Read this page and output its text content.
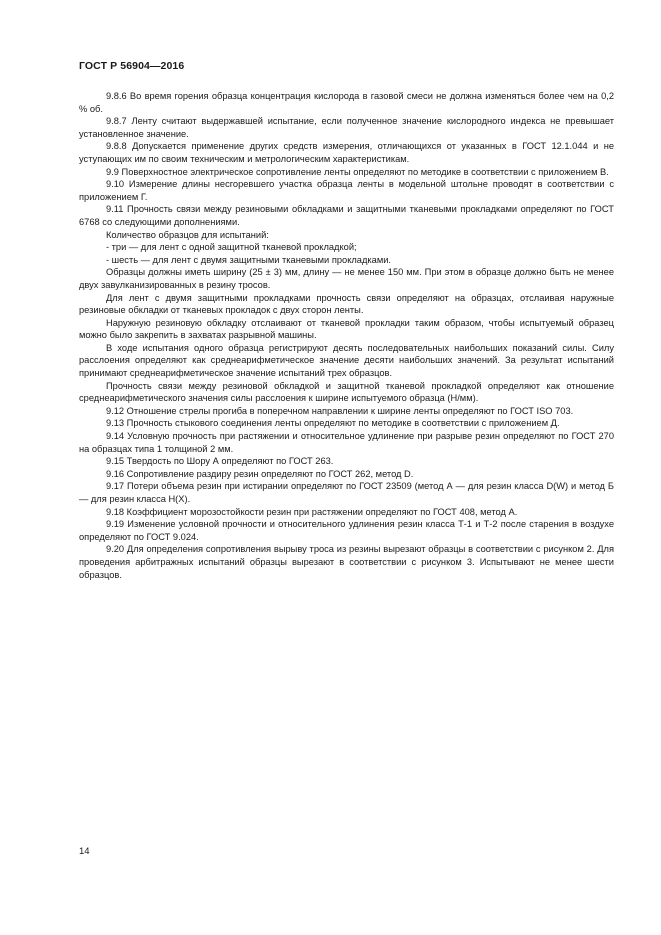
ГОСТ Р 56904—2016

9.8.6 Во время горения образца концентрация кислорода в газовой смеси не должна изменяться более чем на 0,2 % об.

9.8.7 Ленту считают выдержавшей испытание, если полученное значение кислородного индекса не превышает установленное значение.

9.8.8 Допускается применение других средств измерения, отличающихся от указанных в ГОСТ 12.1.044 и не уступающих им по своим техническим и метрологическим характеристикам.

9.9 Поверхностное электрическое сопротивление ленты определяют по методике в соответствии с приложением В.

9.10 Измерение длины несгоревшего участка образца ленты в модельной штольне проводят в соответствии с приложением Г.

9.11 Прочность связи между резиновыми обкладками и защитными тканевыми прокладками определяют по ГОСТ 6768 со следующими дополнениями.

Количество образцов для испытаний:

- три — для лент с одной защитной тканевой прокладкой;

- шесть — для лент с двумя защитными тканевыми прокладками.

Образцы должны иметь ширину (25 ± 3) мм, длину — не менее 150 мм. При этом в образце должно быть не менее двух завулканизированных в резину тросов.

Для лент с двумя защитными прокладками прочность связи определяют на образцах, отслаивая наружные резиновые обкладки от тканевых прокладок с двух сторон ленты.

Наружную резиновую обкладку отслаивают от тканевой прокладки таким образом, чтобы испытуемый образец можно было закрепить в захватах разрывной машины.

В ходе испытания одного образца регистрируют десять последовательных наибольших показаний силы. Силу расслоения определяют как среднеарифметическое значение десяти наибольших значений. За результат испытаний принимают среднеарифметическое значение испытаний трех образцов.

Прочность связи между резиновой обкладкой и защитной тканевой прокладкой определяют как отношение среднеарифметического значения силы расслоения к ширине испытуемого образца (Н/мм).

9.12 Отношение стрелы прогиба в поперечном направлении к ширине ленты определяют по ГОСТ ISO 703.

9.13 Прочность стыкового соединения ленты определяют по методике в соответствии с приложением Д.

9.14 Условную прочность при растяжении и относительное удлинение при разрыве резин определяют по ГОСТ 270 на образцах типа 1 толщиной 2 мм.

9.15 Твердость по Шору А определяют по ГОСТ 263.

9.16 Сопротивление раздиру резин определяют по ГОСТ 262, метод D.

9.17 Потери объема резин при истирании определяют по ГОСТ 23509 (метод А — для резин класса D(W) и метод Б — для резин класса Н(Х).

9.18 Коэффициент морозостойкости резин при растяжении определяют по ГОСТ 408, метод А.

9.19 Изменение условной прочности и относительного удлинения резин класса Т-1 и Т-2 после старения в воздухе определяют по ГОСТ 9.024.

9.20 Для определения сопротивления вырыву троса из резины вырезают образцы в соответствии с рисунком 2. Для проведения арбитражных испытаний образцы вырезают в соответствии с рисунком 3. Испытывают не менее шести образцов.

14
